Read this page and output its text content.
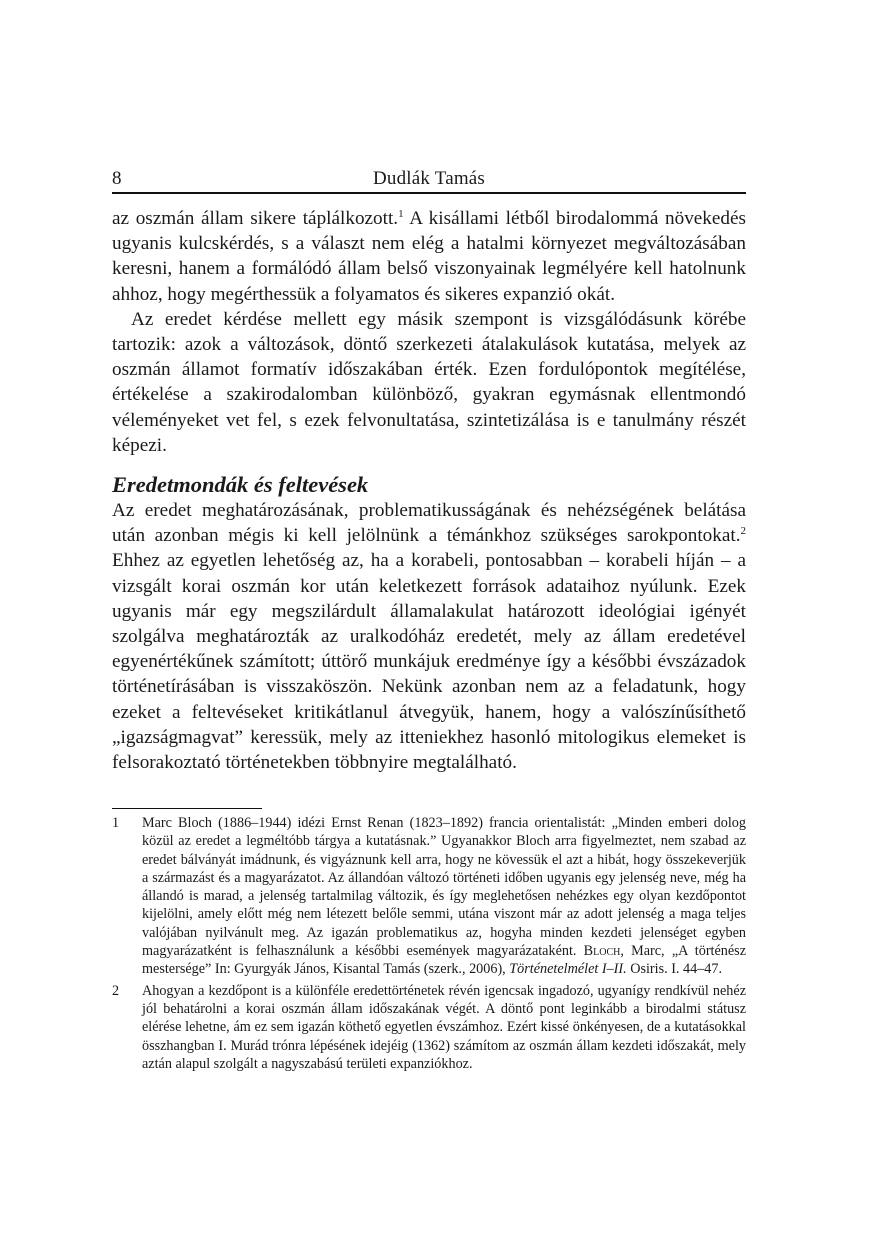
8	Dudlák Tamás

az oszmán állam sikere táplálkozott.$^1$ A kisállami létből birodalommá növekedés ugyanis kulcskérdés, s a választ nem elég a hatalmi környezet megváltozásában keresni, hanem a formálódó állam belső viszonyainak legmélyére kell hatolnunk ahhoz, hogy megérthessük a folyamatos és sikeres expanzió okát.

Az eredet kérdése mellett egy másik szempont is vizsgálódásunk körébe tartozik: azok a változások, döntő szerkezeti átalakulások kutatása, melyek az oszmán államot formatív időszakában érték. Ezen fordulópontok megítélése, értékelése a szakirodalomban különböző, gyakran egymásnak ellentmondó véleményeket vet fel, s ezek felvonultatása, szintetizálása is e tanulmány részét képezi.

Eredetmondák és feltevések

Az eredet meghatározásának, problematikusságának és nehézségének belátása után azonban mégis ki kell jelölnünk a témánkhoz szükséges sarokpontokat.$^2$ Ehhez az egyetlen lehetőség az, ha a korabeli, pontosabban – korabeli híján – a vizsgált korai oszmán kor után keletkezett források adataihoz nyúlunk. Ezek ugyanis már egy megszilárdult államalakulat határozott ideológiai igényét szolgálva meghatározták az uralkodóház eredetét, mely az állam eredetével egyenértékűnek számított; úttörő munkájuk eredménye így a későbbi évszázadok történetírásában is visszaköszön. Nekünk azonban nem az a feladatunk, hogy ezeket a feltevéseket kritikátlanul átvegyük, hanem, hogy a valószínűsíthető „igazságmagvat” keressük, mely az itteniekhez hasonló mitologikus elemeket is felsorakoztató történetekben többnyire megtalálható.

1	Marc Bloch (1886–1944) idézi Ernst Renan (1823–1892) francia orientalistát: „Minden emberi dolog közül az eredet a legméltóbb tárgya a kutatásnak.” Ugyanakkor Bloch arra figyelmeztet, nem szabad az eredet bálványát imádnunk, és vigyáznunk kell arra, hogy ne kövessük el azt a hibát, hogy összekeverjük a származást és a magyarázatot. Az állandóan változó történeti időben ugyanis egy jelenség neve, még ha állandó is marad, a jelenség tartalmilag változik, és így meglehetősen nehézkes egy olyan kezdőpontot kijelölni, amely előtt még nem létezett belőle semmi, utána viszont már az adott jelenség a maga teljes valójában nyilvánult meg. Az igazán problematikus az, hogyha minden kezdeti jelenséget egyben magyarázatként is felhasználunk a későbbi események magyarázataként. Bloch, Marc, „A történész mestersége” In: Gyurgyák János, Kisantal Tamás (szerk., 2006), Történetelmélet I–II. Osiris. I. 44–47.
2	Ahogyan a kezdőpont is a különféle eredettörténetek révén igencsak ingadozó, ugyanígy rendkívül nehéz jól behatárolni a korai oszmán állam időszakának végét. A döntő pont leginkább a birodalmi státusz elérése lehetne, ám ez sem igazán köthető egyetlen évszámhoz. Ezért kissé önkényesen, de a kutatásokkal összhangban I. Murád trónra lépésének idejéig (1362) számítom az oszmán állam kezdeti időszakát, mely aztán alapul szolgált a nagyszabású területi expanziókhoz.
